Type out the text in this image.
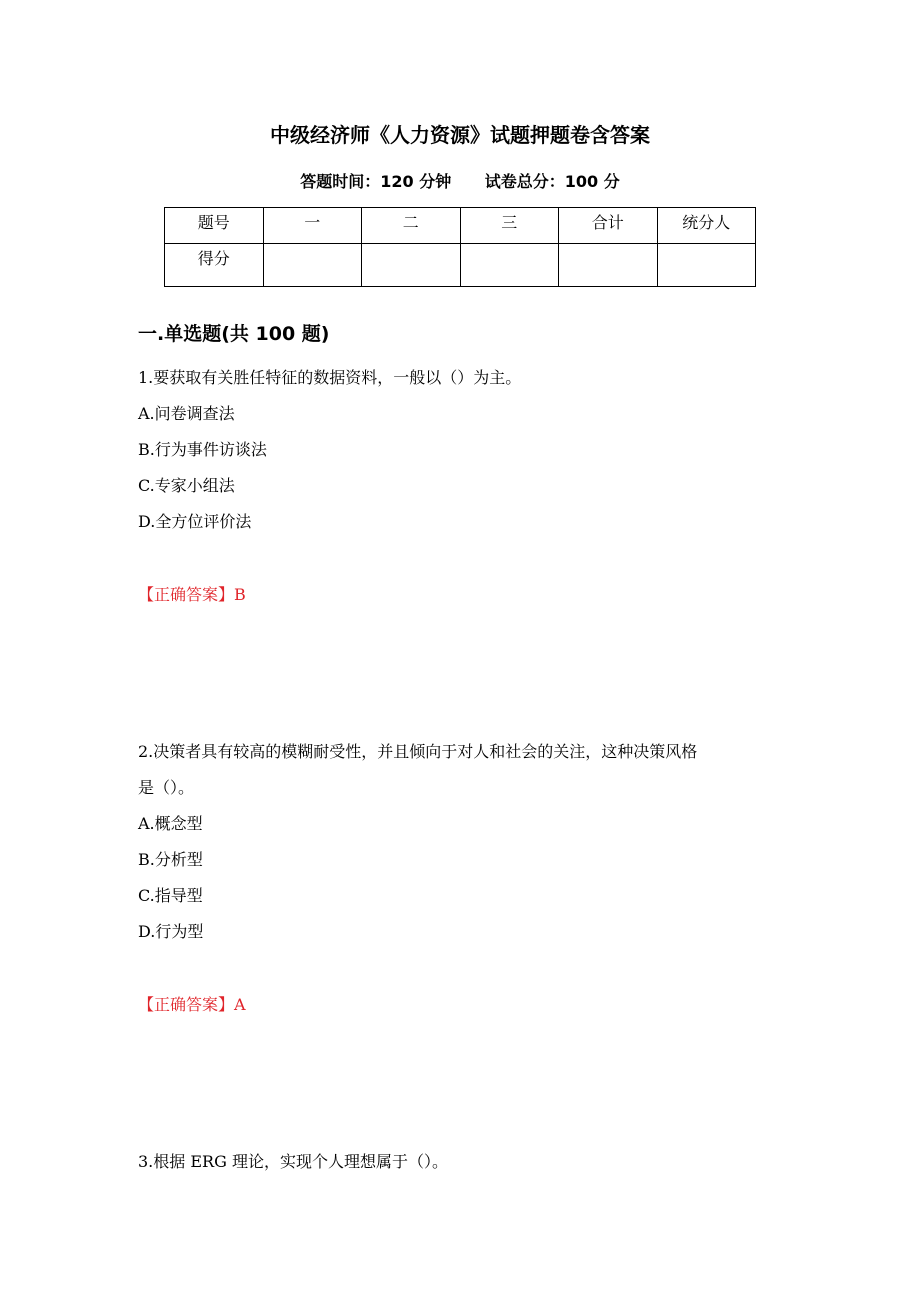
中级经济师《人力资源》试题押题卷含答案
答题时间：120 分钟 试卷总分：100 分
题号	一	二	三	合计	统分人
得分					
一.单选题(共 100 题)
1.要获取有关胜任特征的数据资料，一般以（）为主。
A.问卷调查法
B.行为事件访谈法
C.专家小组法
D.全方位评价法
【正确答案】B
2.决策者具有较高的模糊耐受性，并且倾向于对人和社会的关注，这种决策风格
是（）。
A.概念型
B.分析型
C.指导型
D.行为型
【正确答案】A
3.根据 ERG 理论，实现个人理想属于（）。
